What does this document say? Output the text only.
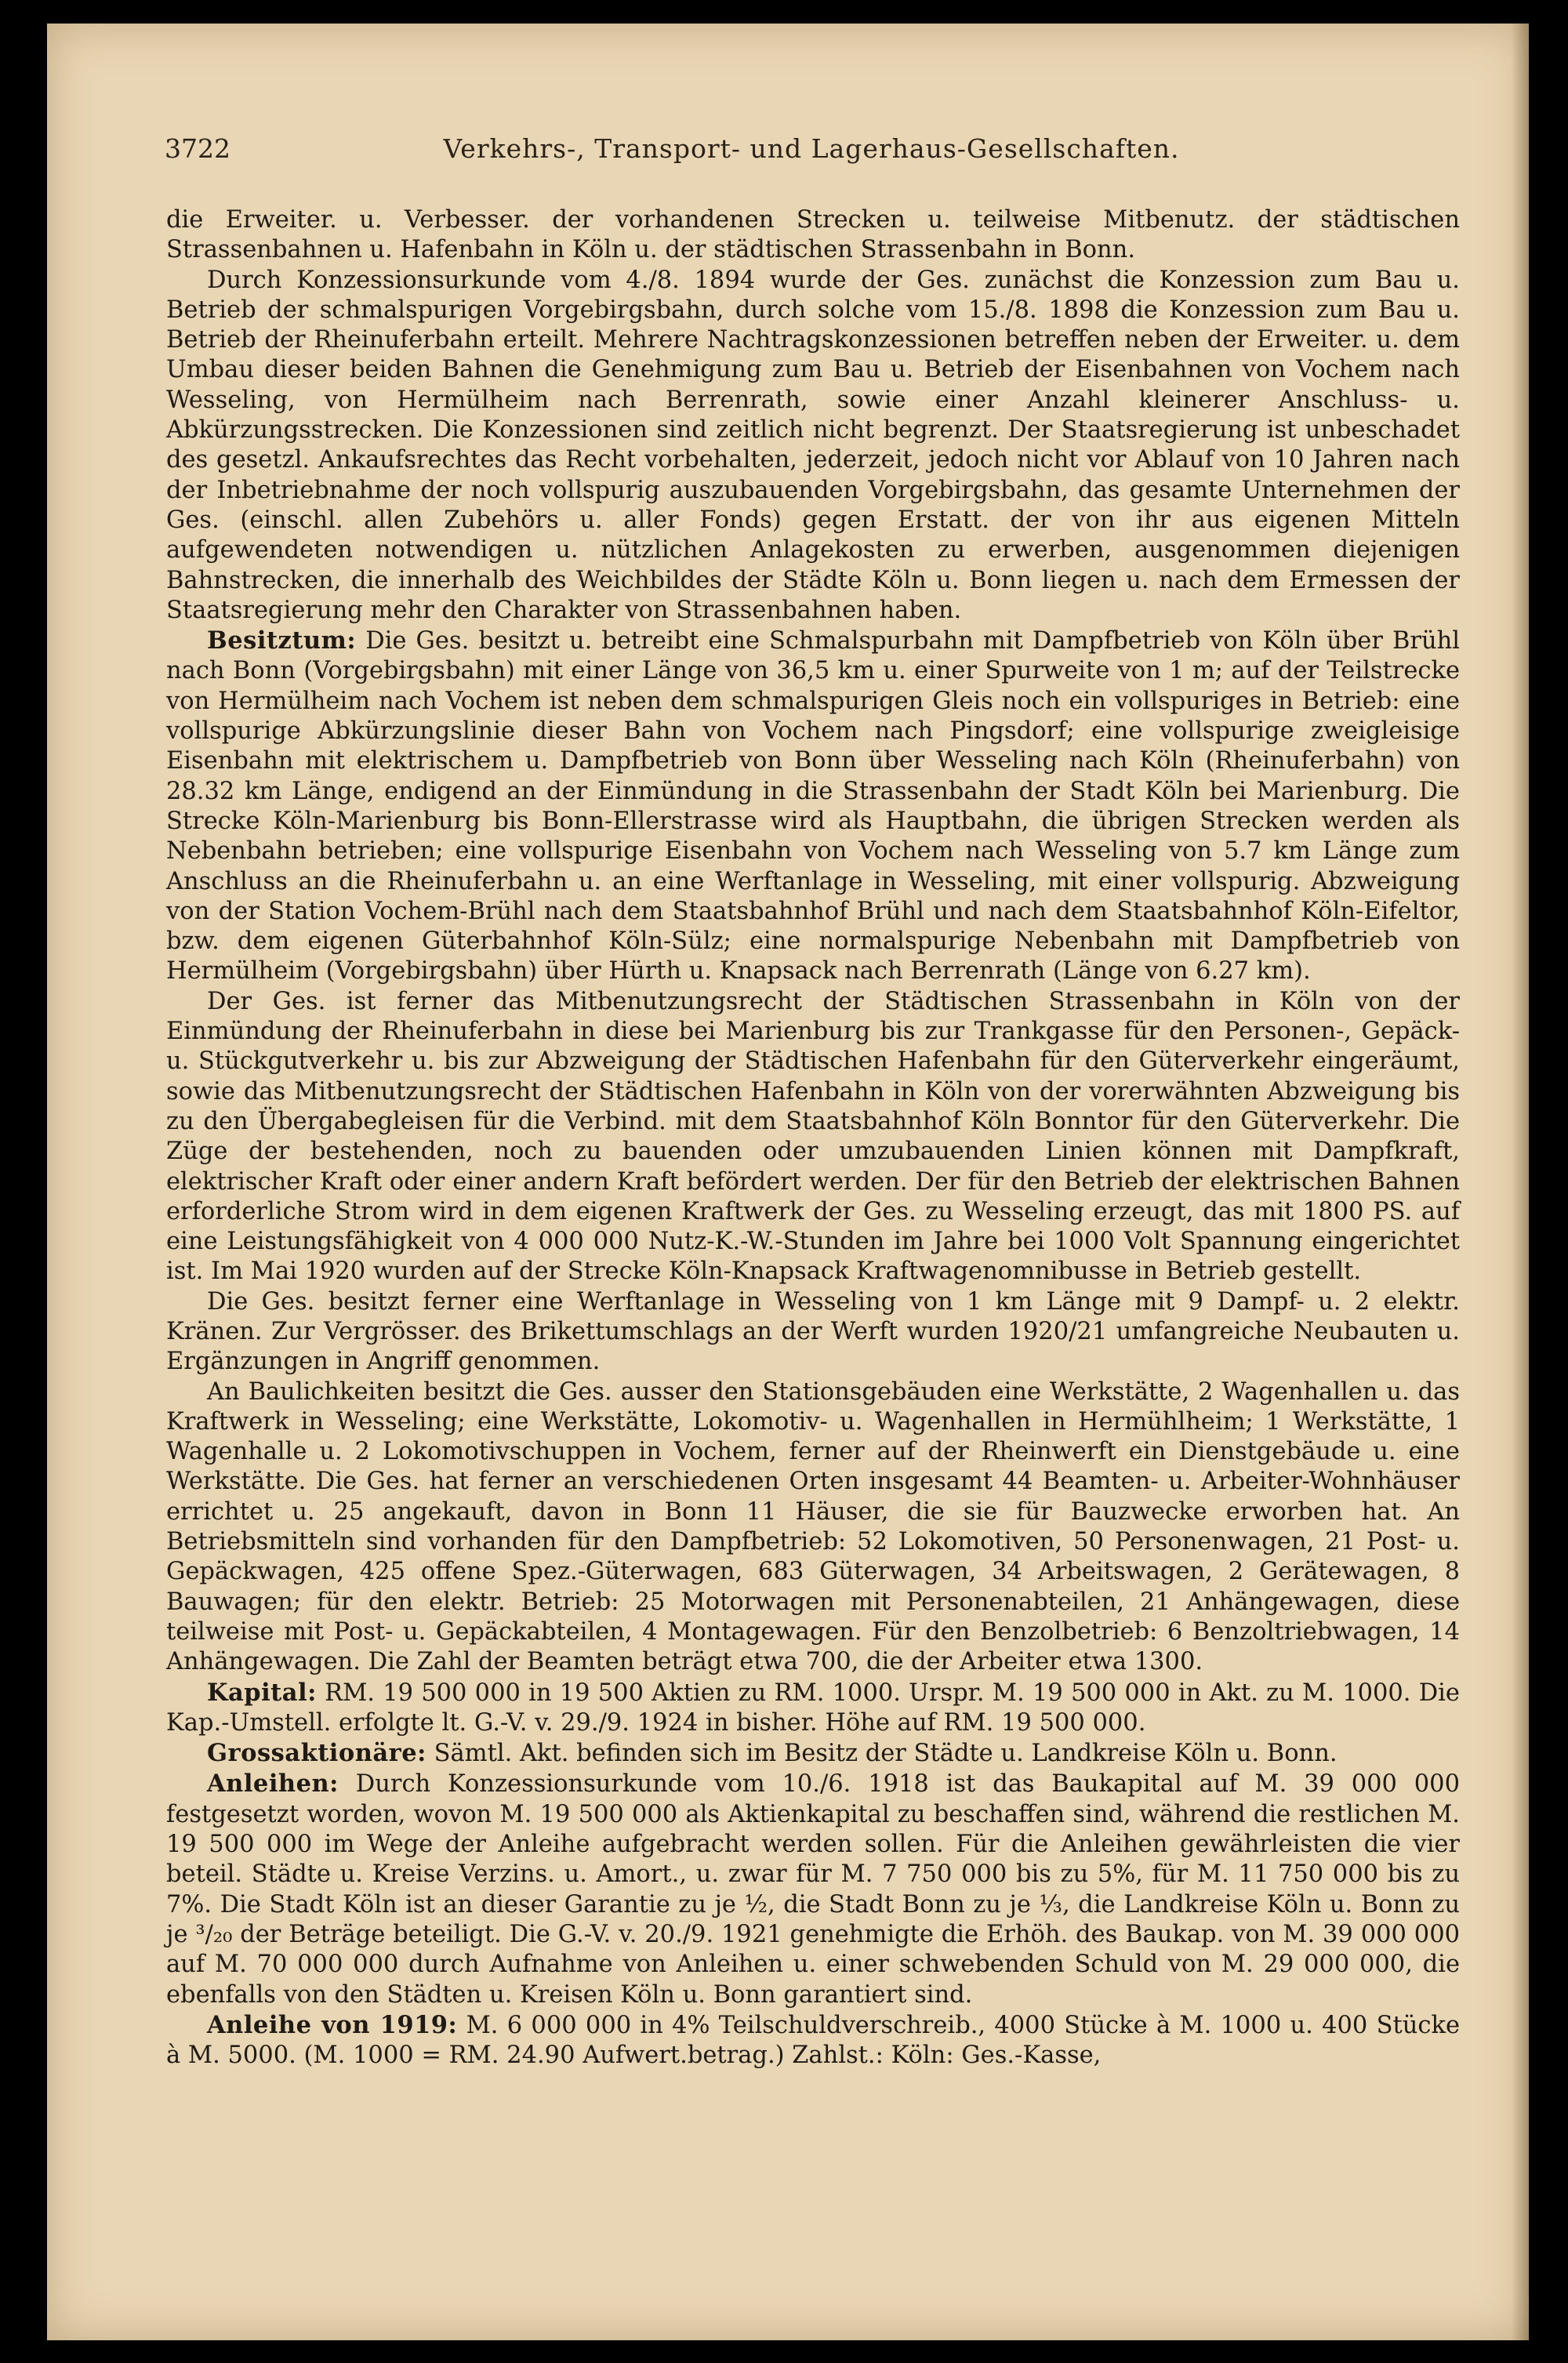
3722	Verkehrs-, Transport- und Lagerhaus-Gesellschaften.

die Erweiter. u. Verbesser. der vorhandenen Strecken u. teilweise Mitbenutz. der städtischen Strassenbahnen u. Hafenbahn in Köln u. der städtischen Strassenbahn in Bonn.

Durch Konzessionsurkunde vom 4./8. 1894 wurde der Ges. zunächst die Konzession zum Bau u. Betrieb der schmalspurigen Vorgebirgsbahn, durch solche vom 15./8. 1898 die Konzession zum Bau u. Betrieb der Rheinuferbahn erteilt. Mehrere Nachtragskonzessionen betreffen neben der Erweiter. u. dem Umbau dieser beiden Bahnen die Genehmigung zum Bau u. Betrieb der Eisenbahnen von Vochem nach Wesseling, von Hermülheim nach Berrenrath, sowie einer Anzahl kleinerer Anschluss- u. Abkürzungsstrecken. Die Konzessionen sind zeitlich nicht begrenzt. Der Staatsregierung ist unbeschadet des gesetzl. Ankaufsrechtes das Recht vorbehalten, jederzeit, jedoch nicht vor Ablauf von 10 Jahren nach der Inbetriebnahme der noch vollspurig auszubauenden Vorgebirgsbahn, das gesamte Unternehmen der Ges. (einschl. allen Zubehörs u. aller Fonds) gegen Erstatt. der von ihr aus eigenen Mitteln aufgewendeten notwendigen u. nützlichen Anlagekosten zu erwerben, ausgenommen diejenigen Bahnstrecken, die innerhalb des Weichbildes der Städte Köln u. Bonn liegen u. nach dem Ermessen der Staatsregierung mehr den Charakter von Strassenbahnen haben.

Besitztum: Die Ges. besitzt u. betreibt eine Schmalspurbahn mit Dampfbetrieb von Köln über Brühl nach Bonn (Vorgebirgsbahn) mit einer Länge von 36,5 km u. einer Spurweite von 1 m; auf der Teilstrecke von Hermülheim nach Vochem ist neben dem schmalspurigen Gleis noch ein vollspuriges in Betrieb: eine vollspurige Abkürzungslinie dieser Bahn von Vochem nach Pingsdorf; eine vollspurige zweigleisige Eisenbahn mit elektrischem u. Dampfbetrieb von Bonn über Wesseling nach Köln (Rheinuferbahn) von 28.32 km Länge, endigend an der Einmündung in die Strassenbahn der Stadt Köln bei Marienburg. Die Strecke Köln-Marienburg bis Bonn-Ellerstrasse wird als Hauptbahn, die übrigen Strecken werden als Nebenbahn betrieben; eine vollspurige Eisenbahn von Vochem nach Wesseling von 5.7 km Länge zum Anschluss an die Rheinuferbahn u. an eine Werftanlage in Wesseling, mit einer vollspurig. Abzweigung von der Station Vochem-Brühl nach dem Staatsbahnhof Brühl und nach dem Staatsbahnhof Köln-Eifeltor, bzw. dem eigenen Güterbahnhof Köln-Sülz; eine normalspurige Nebenbahn mit Dampfbetrieb von Hermülheim (Vorgebirgsbahn) über Hürth u. Knapsack nach Berrenrath (Länge von 6.27 km).

Der Ges. ist ferner das Mitbenutzungsrecht der Städtischen Strassenbahn in Köln von der Einmündung der Rheinuferbahn in diese bei Marienburg bis zur Trankgasse für den Personen-, Gepäck- u. Stückgutverkehr u. bis zur Abzweigung der Städtischen Hafenbahn für den Güterverkehr eingeräumt, sowie das Mitbenutzungsrecht der Städtischen Hafenbahn in Köln von der vorerwähnten Abzweigung bis zu den Übergabegleisen für die Verbind. mit dem Staatsbahnhof Köln Bonntor für den Güterverkehr. Die Züge der bestehenden, noch zu bauenden oder umzubauenden Linien können mit Dampfkraft, elektrischer Kraft oder einer andern Kraft befördert werden. Der für den Betrieb der elektrischen Bahnen erforderliche Strom wird in dem eigenen Kraftwerk der Ges. zu Wesseling erzeugt, das mit 1800 PS. auf eine Leistungsfähigkeit von 4 000 000 Nutz-K.-W.-Stunden im Jahre bei 1000 Volt Spannung eingerichtet ist. Im Mai 1920 wurden auf der Strecke Köln-Knapsack Kraftwagenomnibusse in Betrieb gestellt.

Die Ges. besitzt ferner eine Werftanlage in Wesseling von 1 km Länge mit 9 Dampf- u. 2 elektr. Kränen. Zur Vergrösser. des Brikettumschlags an der Werft wurden 1920/21 umfangreiche Neubauten u. Ergänzungen in Angriff genommen.

An Baulichkeiten besitzt die Ges. ausser den Stationsgebäuden eine Werkstätte, 2 Wagenhallen u. das Kraftwerk in Wesseling; eine Werkstätte, Lokomotiv- u. Wagenhallen in Hermühlheim; 1 Werkstätte, 1 Wagenhalle u. 2 Lokomotivschuppen in Vochem, ferner auf der Rheinwerft ein Dienstgebäude u. eine Werkstätte. Die Ges. hat ferner an verschiedenen Orten insgesamt 44 Beamten- u. Arbeiter-Wohnhäuser errichtet u. 25 angekauft, davon in Bonn 11 Häuser, die sie für Bauzwecke erworben hat. An Betriebsmitteln sind vorhanden für den Dampfbetrieb: 52 Lokomotiven, 50 Personenwagen, 21 Post- u. Gepäckwagen, 425 offene Spez.-Güterwagen, 683 Güterwagen, 34 Arbeitswagen, 2 Gerätewagen, 8 Bauwagen; für den elektr. Betrieb: 25 Motorwagen mit Personenabteilen, 21 Anhängewagen, diese teilweise mit Post- u. Gepäckabteilen, 4 Montagewagen. Für den Benzolbetrieb: 6 Benzoltriebwagen, 14 Anhängewagen. Die Zahl der Beamten beträgt etwa 700, die der Arbeiter etwa 1300.

Kapital: RM. 19 500 000 in 19 500 Aktien zu RM. 1000. Urspr. M. 19 500 000 in Akt. zu M. 1000. Die Kap.-Umstell. erfolgte lt. G.-V. v. 29./9. 1924 in bisher. Höhe auf RM. 19 500 000.

Grossaktionäre: Sämtl. Akt. befinden sich im Besitz der Städte u. Landkreise Köln u. Bonn.

Anleihen: Durch Konzessionsurkunde vom 10./6. 1918 ist das Baukapital auf M. 39 000 000 festgesetzt worden, wovon M. 19 500 000 als Aktienkapital zu beschaffen sind, während die restlichen M. 19 500 000 im Wege der Anleihe aufgebracht werden sollen. Für die Anleihen gewährleisten die vier beteil. Städte u. Kreise Verzins. u. Amort., u. zwar für M. 7 750 000 bis zu 5%, für M. 11 750 000 bis zu 7%. Die Stadt Köln ist an dieser Garantie zu je ½, die Stadt Bonn zu je ⅓, die Landkreise Köln u. Bonn zu je ³/₂₀ der Beträge beteiligt. Die G.-V. v. 20./9. 1921 genehmigte die Erhöh. des Baukap. von M. 39 000 000 auf M. 70 000 000 durch Aufnahme von Anleihen u. einer schwebenden Schuld von M. 29 000 000, die ebenfalls von den Städten u. Kreisen Köln u. Bonn garantiert sind.

Anleihe von 1919: M. 6 000 000 in 4% Teilschuldverschreib., 4000 Stücke à M. 1000 u. 400 Stücke à M. 5000. (M. 1000 = RM. 24.90 Aufwert.betrag.) Zahlst.: Köln: Ges.-Kasse,
